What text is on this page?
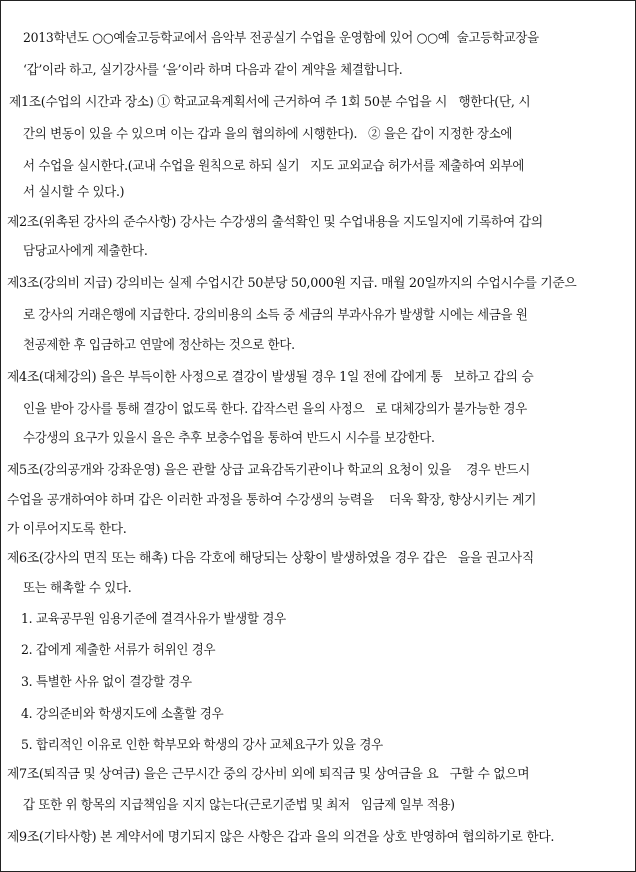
2013학년도 ○○예술고등학교에서 음악부 전공실기 수업을 운영함에 있어 ○○예  술고등학교장을
‘갑’이라 하고, 실기강사를 ‘을’이라 하며 다음과 같이 계약을 체결합니다.
제1조(수업의 시간과 장소) ① 학교교육계획서에 근거하여 주 1회 50분 수업을 시   행한다(단, 시
간의 변동이 있을 수 있으며 이는 갑과 을의 협의하에 시행한다).   ② 을은 갑이 지정한 장소에
서 수업을 실시한다.(교내 수업을 원칙으로 하되 실기   지도 교외교습 허가서를 제출하여 외부에
서 실시할 수 있다.)
제2조(위촉된 강사의 준수사항) 강사는 수강생의 출석확인 및 수업내용을 지도일지에 기록하여 갑의
담당교사에게 제출한다.
제3조(강의비 지급) 강의비는 실제 수업시간 50분당 50,000원 지급. 매월 20일까지의 수업시수를 기준으
로 강사의 거래은행에 지급한다. 강의비용의 소득 중 세금의 부과사유가 발생할 시에는 세금을 원
천공제한 후 입금하고 연말에 정산하는 것으로 한다.
제4조(대체강의) 을은 부득이한 사정으로 결강이 발생될 경우 1일 전에 갑에게 통   보하고 갑의 승
인을 받아 강사를 통해 결강이 없도록 한다. 갑작스런 을의 사정으   로 대체강의가 불가능한 경우
수강생의 요구가 있을시 을은 추후 보충수업을 통하여 반드시 시수를 보강한다.
제5조(강의공개와 강좌운영) 을은 관할 상급 교육감독기관이나 학교의 요청이 있을    경우 반드시
수업을 공개하여야 하며 갑은 이러한 과정을 통하여 수강생의 능력을    더욱 확장, 향상시키는 계기
가 이루어지도록 한다.
제6조(강사의 면직 또는 해촉) 다음 각호에 해당되는 상황이 발생하였을 경우 갑은   을을 권고사직
또는 해촉할 수 있다.
1. 교육공무원 임용기준에 결격사유가 발생할 경우
2. 갑에게 제출한 서류가 허위인 경우
3. 특별한 사유 없이 결강할 경우
4. 강의준비와 학생지도에 소홀할 경우
5. 합리적인 이유로 인한 학부모와 학생의 강사 교체요구가 있을 경우
제7조(퇴직금 및 상여금) 을은 근무시간 중의 강사비 외에 퇴직금 및 상여금을 요   구할 수 없으며
갑 또한 위 항목의 지급책임을 지지 않는다(근로기준법 및 최저   임금제 일부 적용)
제9조(기타사항) 본 계약서에 명기되지 않은 사항은 갑과 을의 의견을 상호 반영하여 협의하기로 한다.
